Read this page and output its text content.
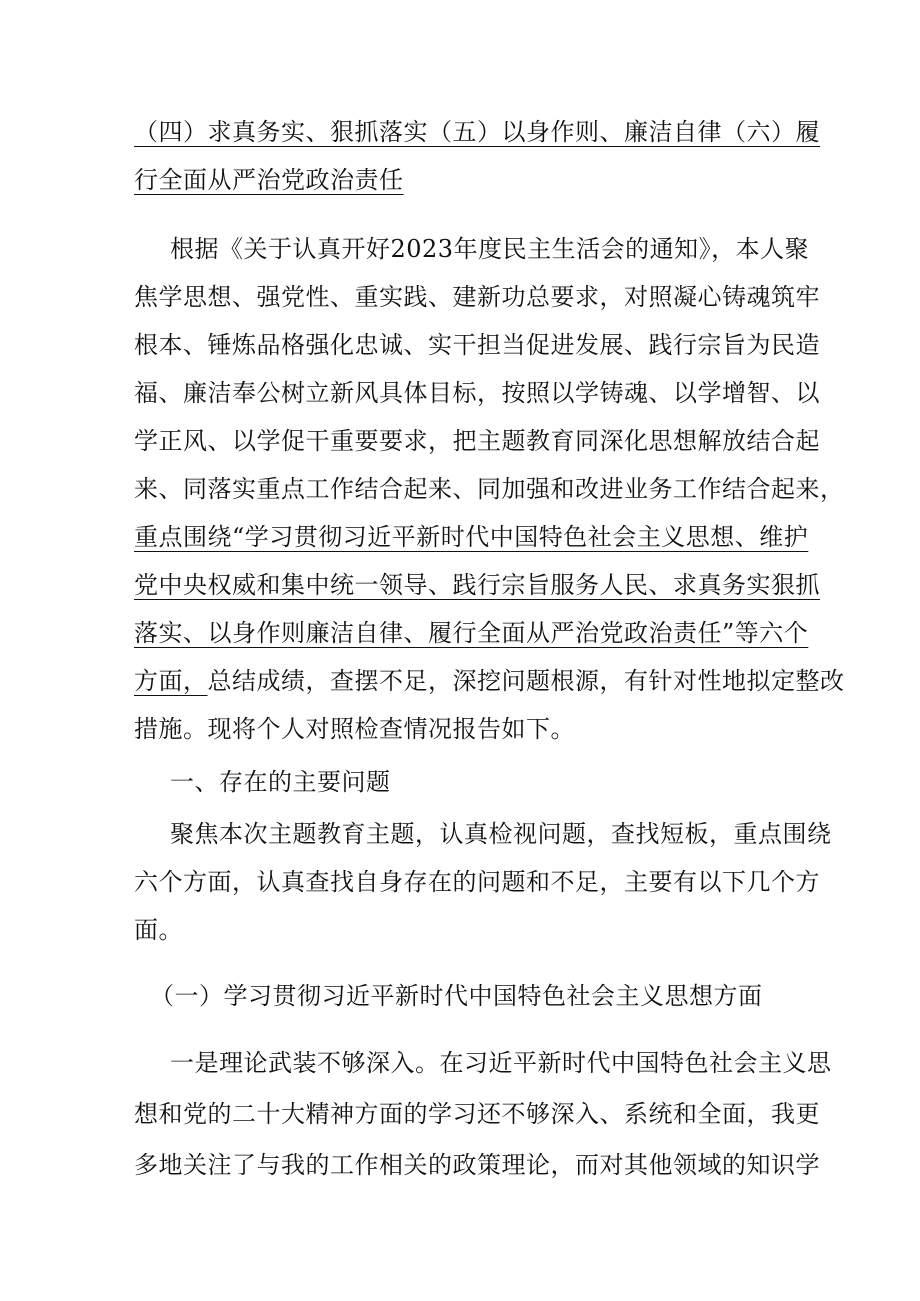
（四）求真务实、狠抓落实（五）以身作则、廉洁自律（六）履
行全面从严治党政治责任
根据《关于认真开好2023年度民主生活会的通知》，本人聚
焦学思想、强党性、重实践、建新功总要求，对照凝心铸魂筑牢
根本、锤炼品格强化忠诚、实干担当促进发展、践行宗旨为民造
福、廉洁奉公树立新风具体目标，按照以学铸魂、以学增智、以
学正风、以学促干重要要求，把主题教育同深化思想解放结合起
来、同落实重点工作结合起来、同加强和改进业务工作结合起来，
重点围绕“学习贯彻习近平新时代中国特色社会主义思想、维护
党中央权威和集中统一领导、践行宗旨服务人民、求真务实狠抓
落实、以身作则廉洁自律、履行全面从严治党政治责任”等六个
方面，总结成绩，查摆不足，深挖问题根源，有针对性地拟定整改
措施。现将个人对照检查情况报告如下。
一、存在的主要问题
聚焦本次主题教育主题，认真检视问题，查找短板，重点围绕
六个方面，认真查找自身存在的问题和不足，主要有以下几个方
面。
（一）学习贯彻习近平新时代中国特色社会主义思想方面
一是理论武装不够深入。在习近平新时代中国特色社会主义思
想和党的二十大精神方面的学习还不够深入、系统和全面，我更
多地关注了与我的工作相关的政策理论，而对其他领域的知识学
